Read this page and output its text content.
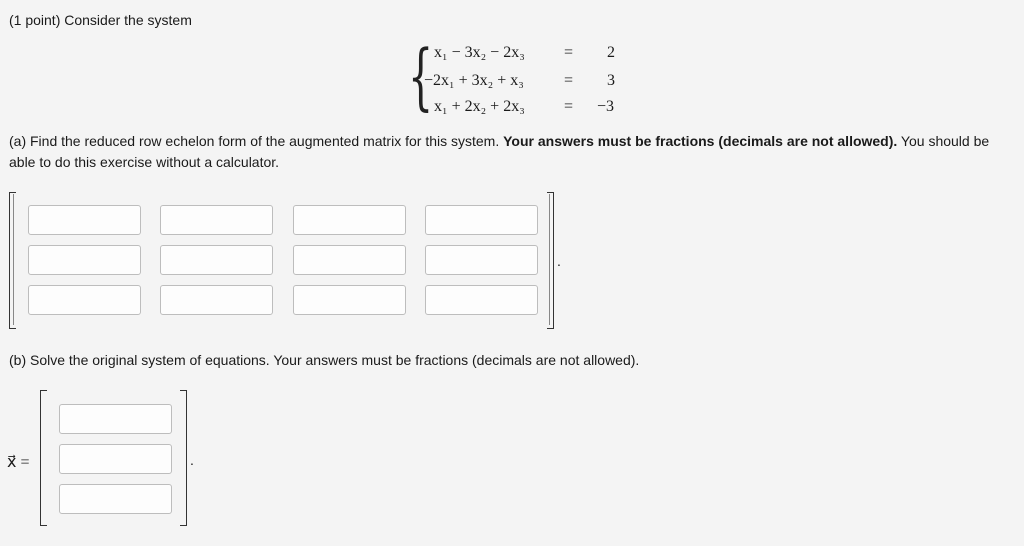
(1 point) Consider the system
{ x₁ − 3x₂ − 2x₃ = 2
−2x₁ + 3x₂ + x₃	= 3
x₁ + 2x₂ + 2x₃ = −3
(a) Find the reduced row echelon form of the augmented matrix for this system. Your answers must be fractions (decimals are not allowed). You should be able to do this exercise without a calculator.
.
(b) Solve the original system of equations. Your answers must be fractions (decimals are not allowed).
x⃗ =	.
